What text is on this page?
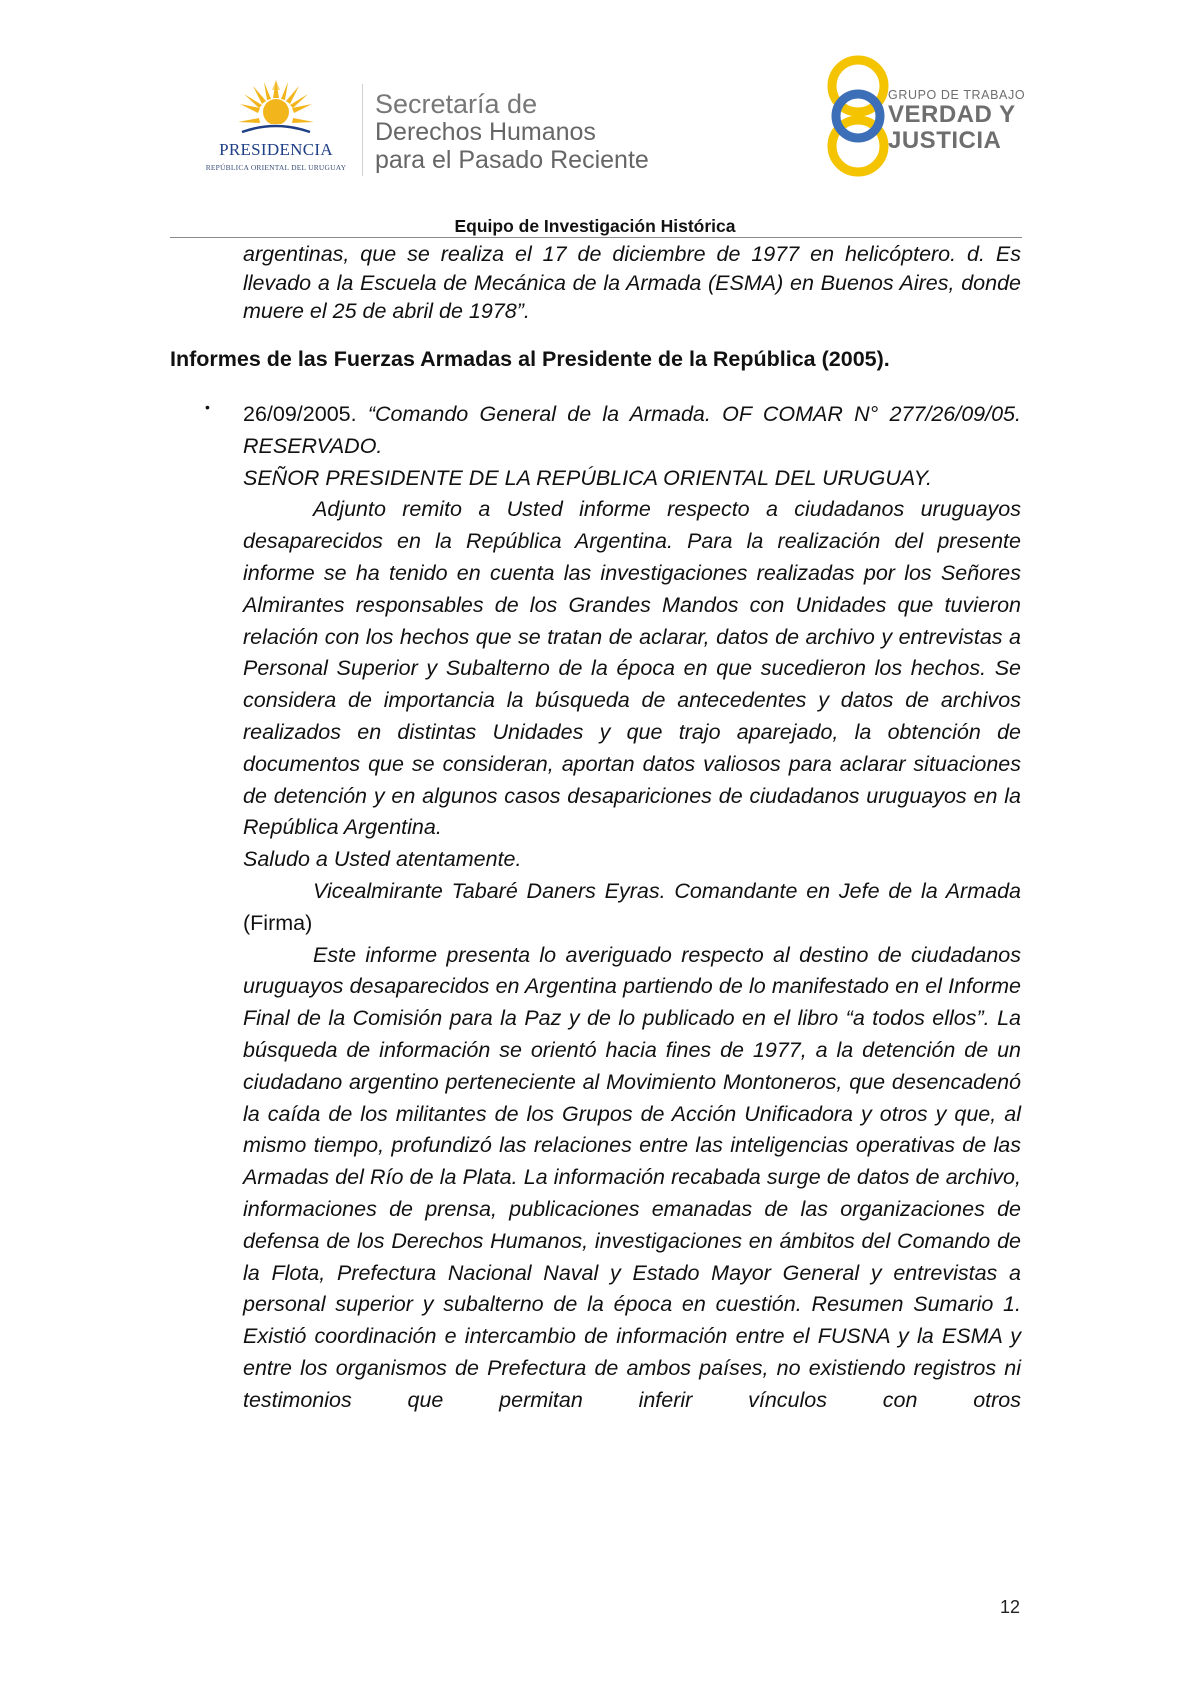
PRESIDENCIA
REPÚBLICA ORIENTAL DEL URUGUAY
Secretaría de
Derechos Humanos
para el Pasado Reciente
GRUPO DE TRABAJO
VERDAD Y
JUSTICIA
Equipo de Investigación Histórica
argentinas, que se realiza el 17 de diciembre de 1977 en helicóptero. d. Es llevado a la Escuela de Mecánica de la Armada (ESMA) en Buenos Aires, donde muere el 25 de abril de 1978”.
Informes de las Fuerzas Armadas al Presidente de la República (2005).
• 26/09/2005. “Comando General de la Armada. OF COMAR N° 277/26/09/05.

RESERVADO.

SEÑOR PRESIDENTE DE LA REPÚBLICA ORIENTAL DEL URUGUAY.

Adjunto remito a Usted informe respecto a ciudadanos uruguayos desaparecidos en la República Argentina. Para la realización del presente informe se ha tenido en cuenta las investigaciones realizadas por los Señores Almirantes responsables de los Grandes Mandos con Unidades que tuvieron relación con los hechos que se tratan de aclarar, datos de archivo y entrevistas a Personal Superior y Subalterno de la época en que sucedieron los hechos. Se considera de importancia la búsqueda de antecedentes y datos de archivos realizados en distintas Unidades y que trajo aparejado, la obtención de documentos que se consideran, aportan datos valiosos para aclarar situaciones de detención y en algunos casos desapariciones de ciudadanos uruguayos en la República Argentina.

Saludo a Usted atentamente.

Vicealmirante Tabaré Daners Eyras. Comandante en Jefe de la Armada (Firma)

Este informe presenta lo averiguado respecto al destino de ciudadanos uruguayos desaparecidos en Argentina partiendo de lo manifestado en el Informe Final de la Comisión para la Paz y de lo publicado en el libro “a todos ellos”. La búsqueda de información se orientó hacia fines de 1977, a la detención de un ciudadano argentino perteneciente al Movimiento Montoneros, que desencadenó la caída de los militantes de los Grupos de Acción Unificadora y otros y que, al mismo tiempo, profundizó las relaciones entre las inteligencias operativas de las Armadas del Río de la Plata. La información recabada surge de datos de archivo, informaciones de prensa, publicaciones emanadas de las organizaciones de defensa de los Derechos Humanos, investigaciones en ámbitos del Comando de la Flota, Prefectura Nacional Naval y Estado Mayor General y entrevistas a personal superior y subalterno de la época en cuestión. Resumen Sumario 1. Existió coordinación e intercambio de información entre el FUSNA y la ESMA y entre los organismos de Prefectura de ambos países, no existiendo registros ni testimonios que permitan inferir vínculos con otros

12
